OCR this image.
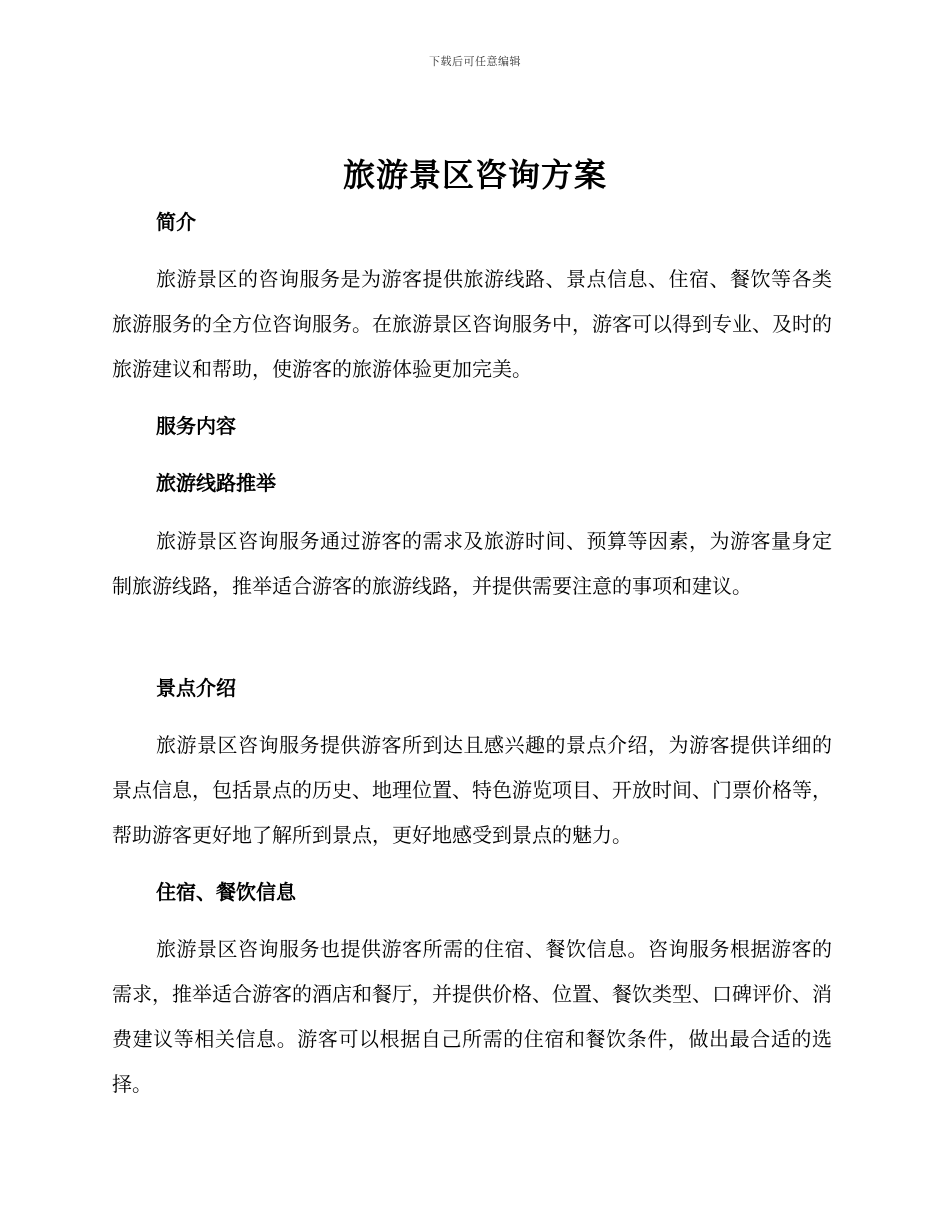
下载后可任意编辑
旅游景区咨询方案
简介

旅游景区的咨询服务是为游客提供旅游线路、景点信息、住宿、餐饮等各类旅游服务的全方位咨询服务。在旅游景区咨询服务中，游客可以得到专业、及时的旅游建议和帮助，使游客的旅游体验更加完美。

服务内容
旅游线路推举

旅游景区咨询服务通过游客的需求及旅游时间、预算等因素，为游客量身定制旅游线路，推举适合游客的旅游线路，并提供需要注意的事项和建议。

景点介绍

旅游景区咨询服务提供游客所到达且感兴趣的景点介绍，为游客提供详细的景点信息，包括景点的历史、地理位置、特色游览项目、开放时间、门票价格等，帮助游客更好地了解所到景点，更好地感受到景点的魅力。

住宿、餐饮信息

旅游景区咨询服务也提供游客所需的住宿、餐饮信息。咨询服务根据游客的需求，推举适合游客的酒店和餐厅，并提供价格、位置、餐饮类型、口碑评价、消费建议等相关信息。游客可以根据自己所需的住宿和餐饮条件，做出最合适的选择。
